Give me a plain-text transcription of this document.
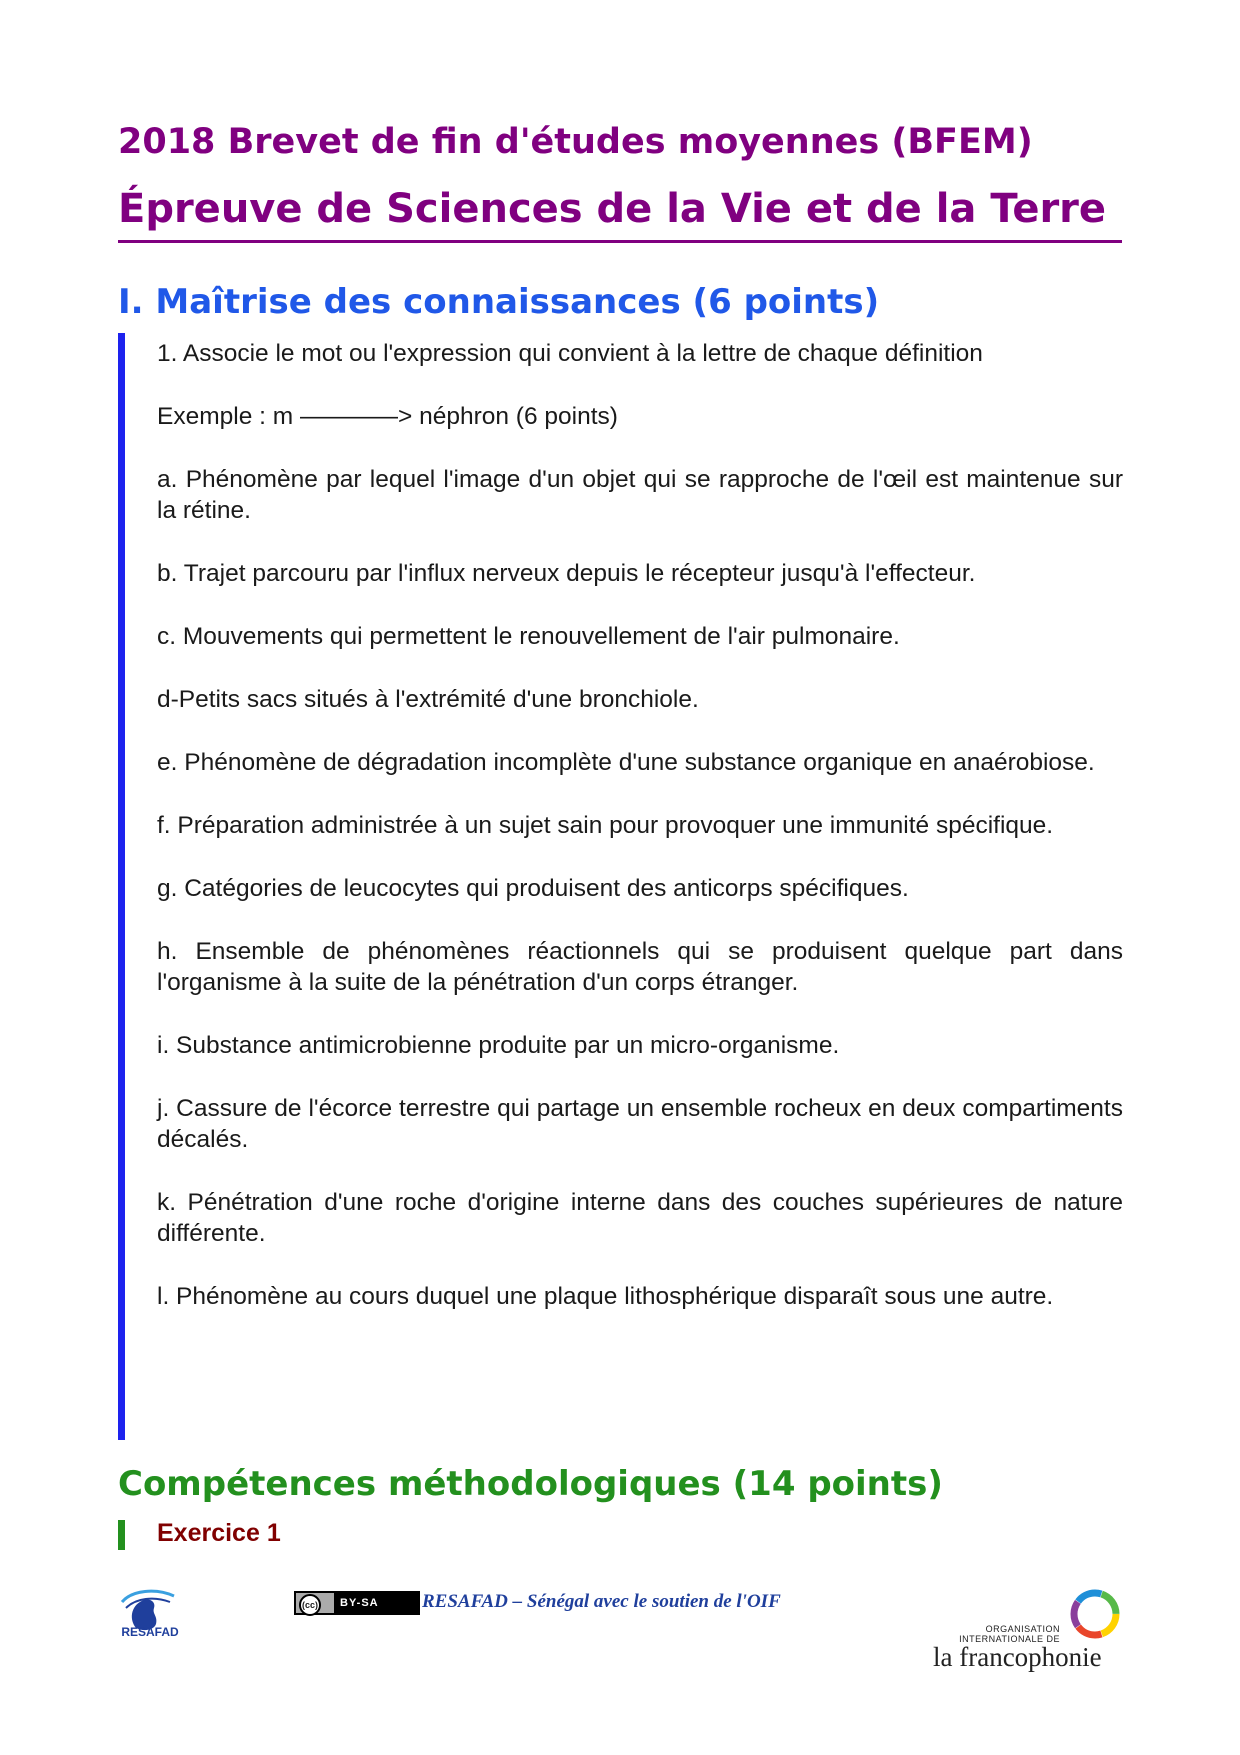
2018 Brevet de fin d'études moyennes (BFEM)
Épreuve de Sciences de la Vie et de la Terre
I. Maîtrise des connaissances (6 points)

1. Associe le mot ou l'expression qui convient à la lettre de chaque définition

Exemple : m ————> néphron (6 points)

a. Phénomène par lequel l'image d'un objet qui se rapproche de l'œil est maintenue sur la rétine.

b. Trajet parcouru par l'influx nerveux depuis le récepteur jusqu'à l'effecteur.

c. Mouvements qui permettent le renouvellement de l'air pulmonaire.

d-Petits sacs situés à l'extrémité d'une bronchiole.

e. Phénomène de dégradation incomplète d'une substance organique en anaérobiose.

f. Préparation administrée à un sujet sain pour provoquer une immunité spécifique.

g. Catégories de leucocytes qui produisent des anticorps spécifiques.

h. Ensemble de phénomènes réactionnels qui se produisent quelque part dans l'organisme à la suite de la pénétration d'un corps étranger.

i. Substance antimicrobienne produite par un micro-organisme.

j. Cassure de l'écorce terrestre qui partage un ensemble rocheux en deux compartiments décalés.

k. Pénétration d'une roche d'origine interne dans des couches supérieures de nature différente.

l. Phénomène au cours duquel une plaque lithosphérique disparaît sous une autre.

Compétences méthodologiques (14 points)
Exercice 1
RESAFAD
(cc)	BY-SA	RESAFAD – Sénégal avec le soutien de l'OIF
ORGANISATION
INTERNATIONALE DE
la francophonie
